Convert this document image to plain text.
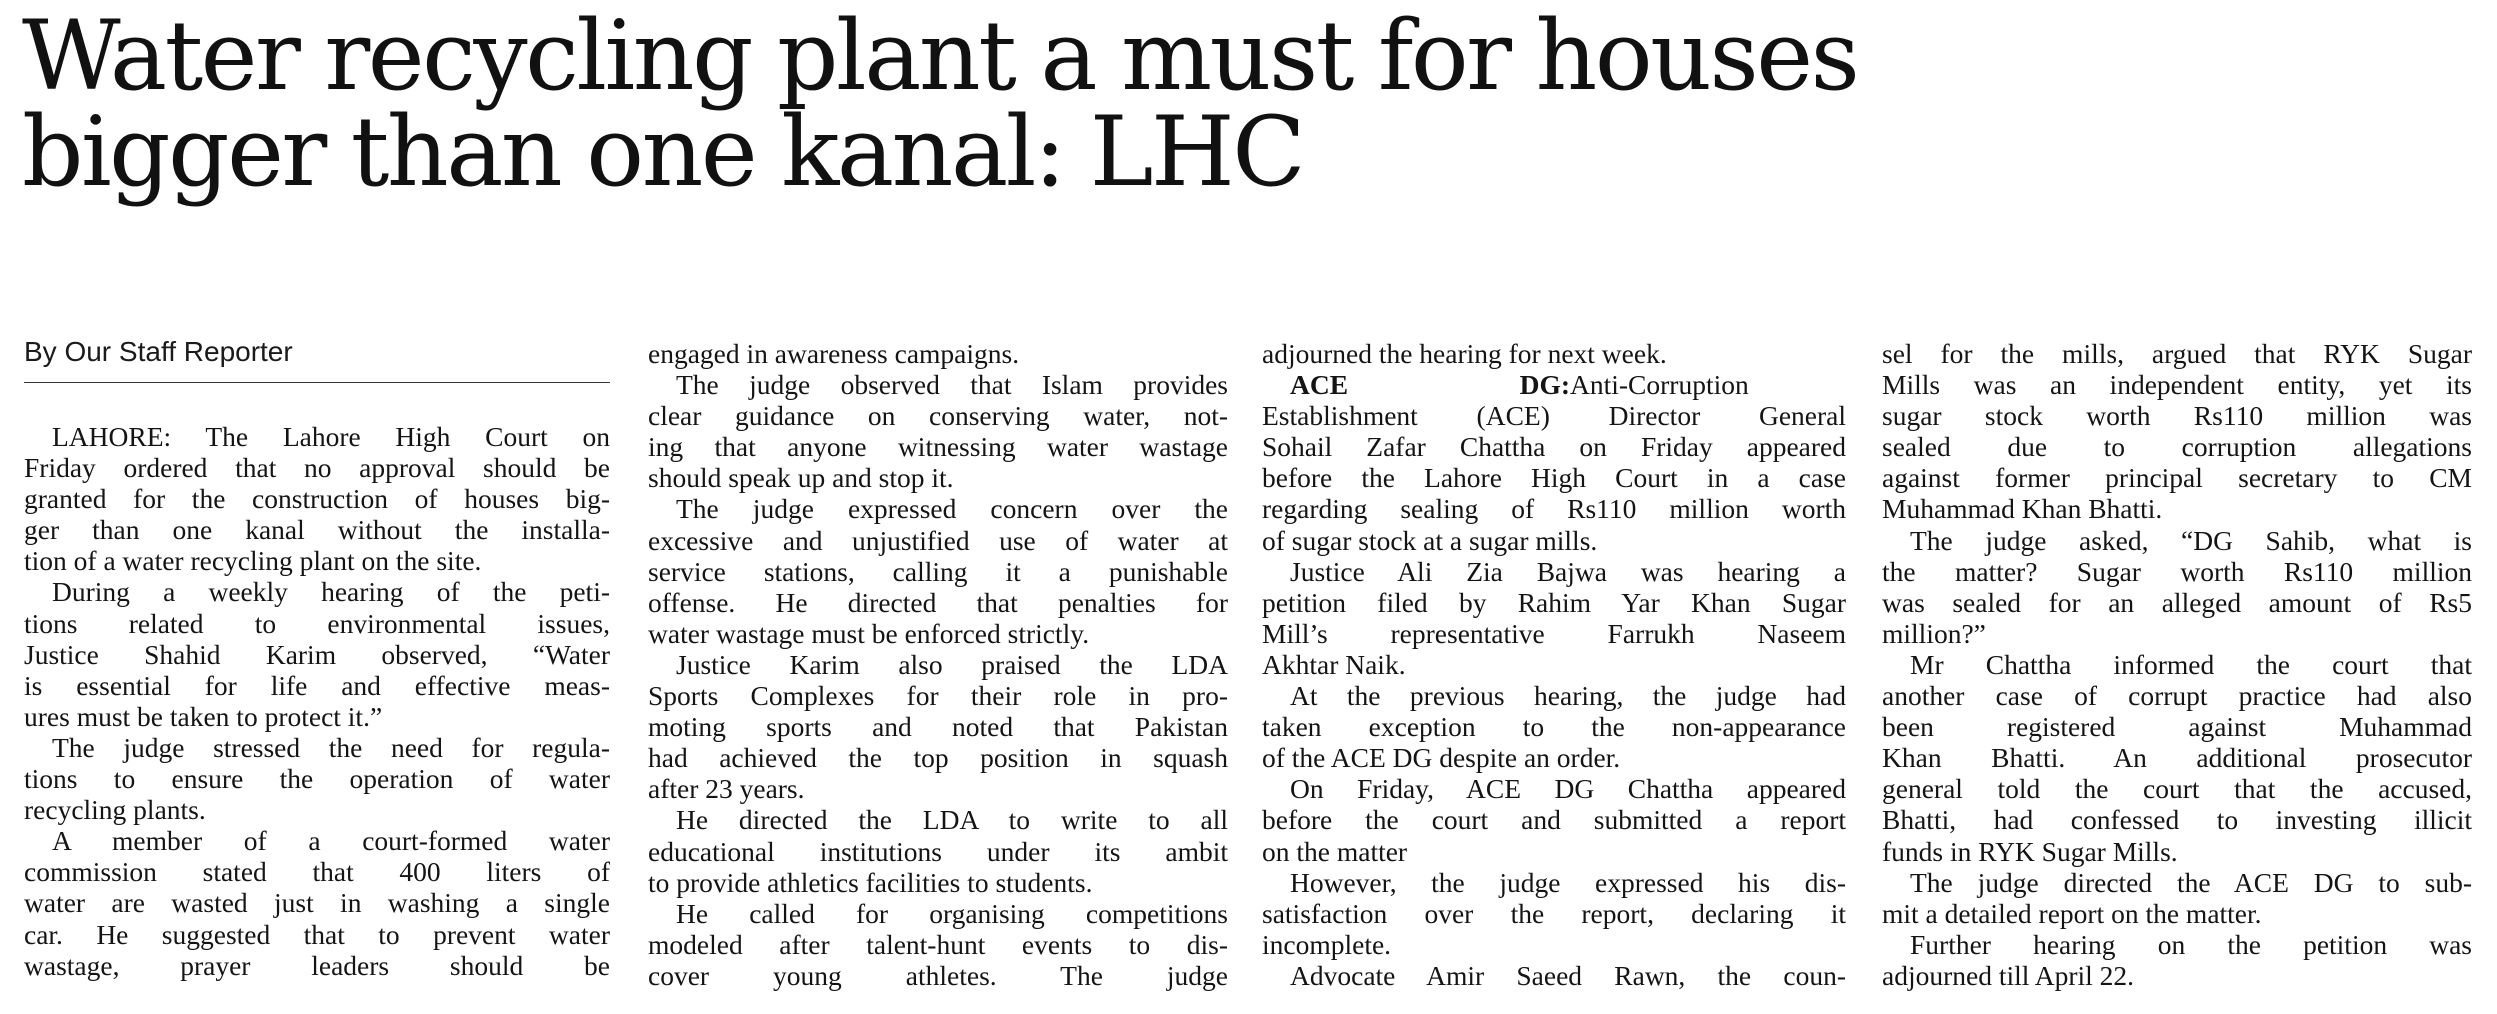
Water recycling plant a must for houses
bigger than one kanal: LHC
By Our Staff Reporter
LAHORE: The Lahore High Court on
Friday ordered that no approval should be
granted for the construction of houses big-
ger than one kanal without the installa-
tion of a water recycling plant on the site.
During a weekly hearing of the peti-
tions related to environmental issues,
Justice Shahid Karim observed, “Water
is essential for life and effective meas-
ures must be taken to protect it.”
The judge stressed the need for regula-
tions to ensure the operation of water
recycling plants.
A member of a court-formed water
commission stated that 400 liters of
water are wasted just in washing a single
car. He suggested that to prevent water
wastage, prayer leaders should be
engaged in awareness campaigns.
The judge observed that Islam provides
clear guidance on conserving water, not-
ing that anyone witnessing water wastage
should speak up and stop it.
The judge expressed concern over the
excessive and unjustified use of water at
service stations, calling it a punishable
offense. He directed that penalties for
water wastage must be enforced strictly.
Justice Karim also praised the LDA
Sports Complexes for their role in pro-
moting sports and noted that Pakistan
had achieved the top position in squash
after 23 years.
He directed the LDA to write to all
educational institutions under its ambit
to provide athletics facilities to students.
He called for organising competitions
modeled after talent-hunt events to dis-
cover young athletes. The judge
adjourned the hearing for next week.
ACE	DG: Anti-Corruption
Establishment (ACE) Director General
Sohail Zafar Chattha on Friday appeared
before the Lahore High Court in a case
regarding sealing of Rs110 million worth
of sugar stock at a sugar mills.
Justice Ali Zia Bajwa was hearing a
petition filed by Rahim Yar Khan Sugar
Mill’s representative Farrukh Naseem
Akhtar Naik.
At the previous hearing, the judge had
taken exception to the non-appearance
of the ACE DG despite an order.
On Friday, ACE DG Chattha appeared
before the court and submitted a report
on the matter
However, the judge expressed his dis-
satisfaction over the report, declaring it
incomplete.
Advocate Amir Saeed Rawn, the coun-
sel for the mills, argued that RYK Sugar
Mills was an independent entity, yet its
sugar stock worth Rs110 million was
sealed due to corruption allegations
against former principal secretary to CM
Muhammad Khan Bhatti.
The judge asked, “DG Sahib, what is
the matter? Sugar worth Rs110 million
was sealed for an alleged amount of Rs5
million?”
Mr Chattha informed the court that
another case of corrupt practice had also
been registered against Muhammad
Khan Bhatti. An additional prosecutor
general told the court that the accused,
Bhatti, had confessed to investing illicit
funds in RYK Sugar Mills.
The judge directed the ACE DG to sub-
mit a detailed report on the matter.
Further hearing on the petition was
adjourned till April 22.
